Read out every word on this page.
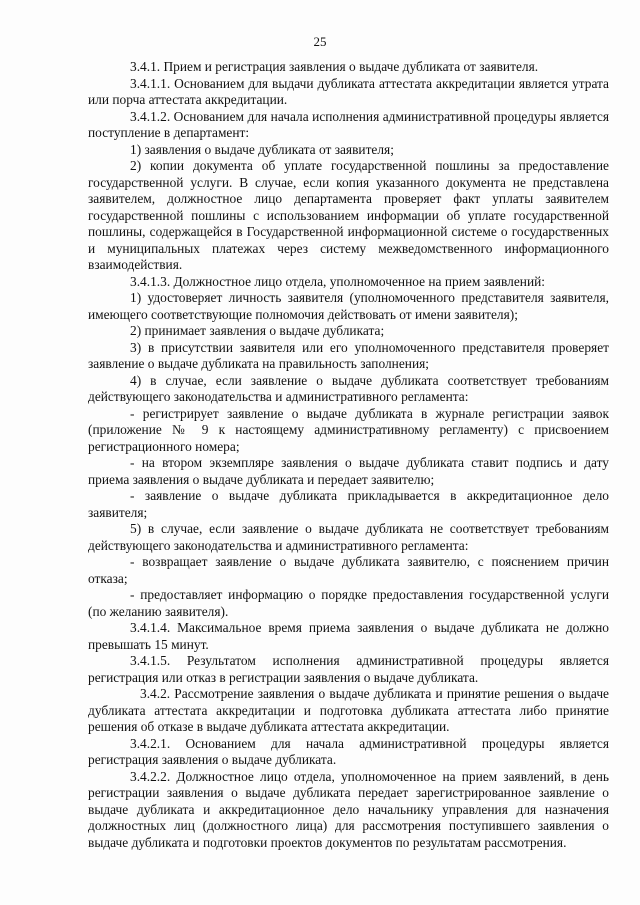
25

3.4.1. Прием и регистрация заявления о выдаче дубликата от заявителя.

3.4.1.1. Основанием для выдачи дубликата аттестата аккредитации является утрата или порча аттестата аккредитации.

3.4.1.2. Основанием для начала исполнения административной процедуры является поступление в департамент:

1) заявления о выдаче дубликата от заявителя;

2) копии документа об уплате государственной пошлины за предоставление государственной услуги. В случае, если копия указанного документа не представлена заявителем, должностное лицо департамента проверяет факт уплаты заявителем государственной пошлины с использованием информации об уплате государственной пошлины, содержащейся в Государственной информационной системе о государственных и муниципальных платежах через систему межведомственного информационного взаимодействия.

3.4.1.3. Должностное лицо отдела, уполномоченное на прием заявлений:

1) удостоверяет личность заявителя (уполномоченного представителя заявителя, имеющего соответствующие полномочия действовать от имени заявителя);

2) принимает заявления о выдаче дубликата;

3) в присутствии заявителя или его уполномоченного представителя проверяет заявление о выдаче дубликата на правильность заполнения;

4) в случае, если заявление о выдаче дубликата соответствует требованиям действующего законодательства и административного регламента:

- регистрирует заявление о выдаче дубликата в журнале регистрации заявок (приложение № 9 к настоящему административному регламенту) с присвоением регистрационного номера;

- на втором экземпляре заявления о выдаче дубликата ставит подпись и дату приема заявления о выдаче дубликата и передает заявителю;

- заявление о выдаче дубликата прикладывается в аккредитационное дело заявителя;

5) в случае, если заявление о выдаче дубликата не соответствует требованиям действующего законодательства и административного регламента:

- возвращает заявление о выдаче дубликата заявителю, с пояснением причин отказа;

- предоставляет информацию о порядке предоставления государственной услуги (по желанию заявителя).

3.4.1.4. Максимальное время приема заявления о выдаче дубликата не должно превышать 15 минут.

3.4.1.5. Результатом исполнения административной процедуры является регистрация или отказ в регистрации заявления о выдаче дубликата.

3.4.2. Рассмотрение заявления о выдаче дубликата и принятие решения о выдаче дубликата аттестата аккредитации и подготовка дубликата аттестата либо принятие решения об отказе в выдаче дубликата аттестата аккредитации.

3.4.2.1. Основанием для начала административной процедуры является регистрация заявления о выдаче дубликата.

3.4.2.2. Должностное лицо отдела, уполномоченное на прием заявлений, в день регистрации заявления о выдаче дубликата передает зарегистрированное заявление о выдаче дубликата и аккредитационное дело начальнику управления для назначения должностных лиц (должностного лица) для рассмотрения поступившего заявления о выдаче дубликата и подготовки проектов документов по результатам рассмотрения.
